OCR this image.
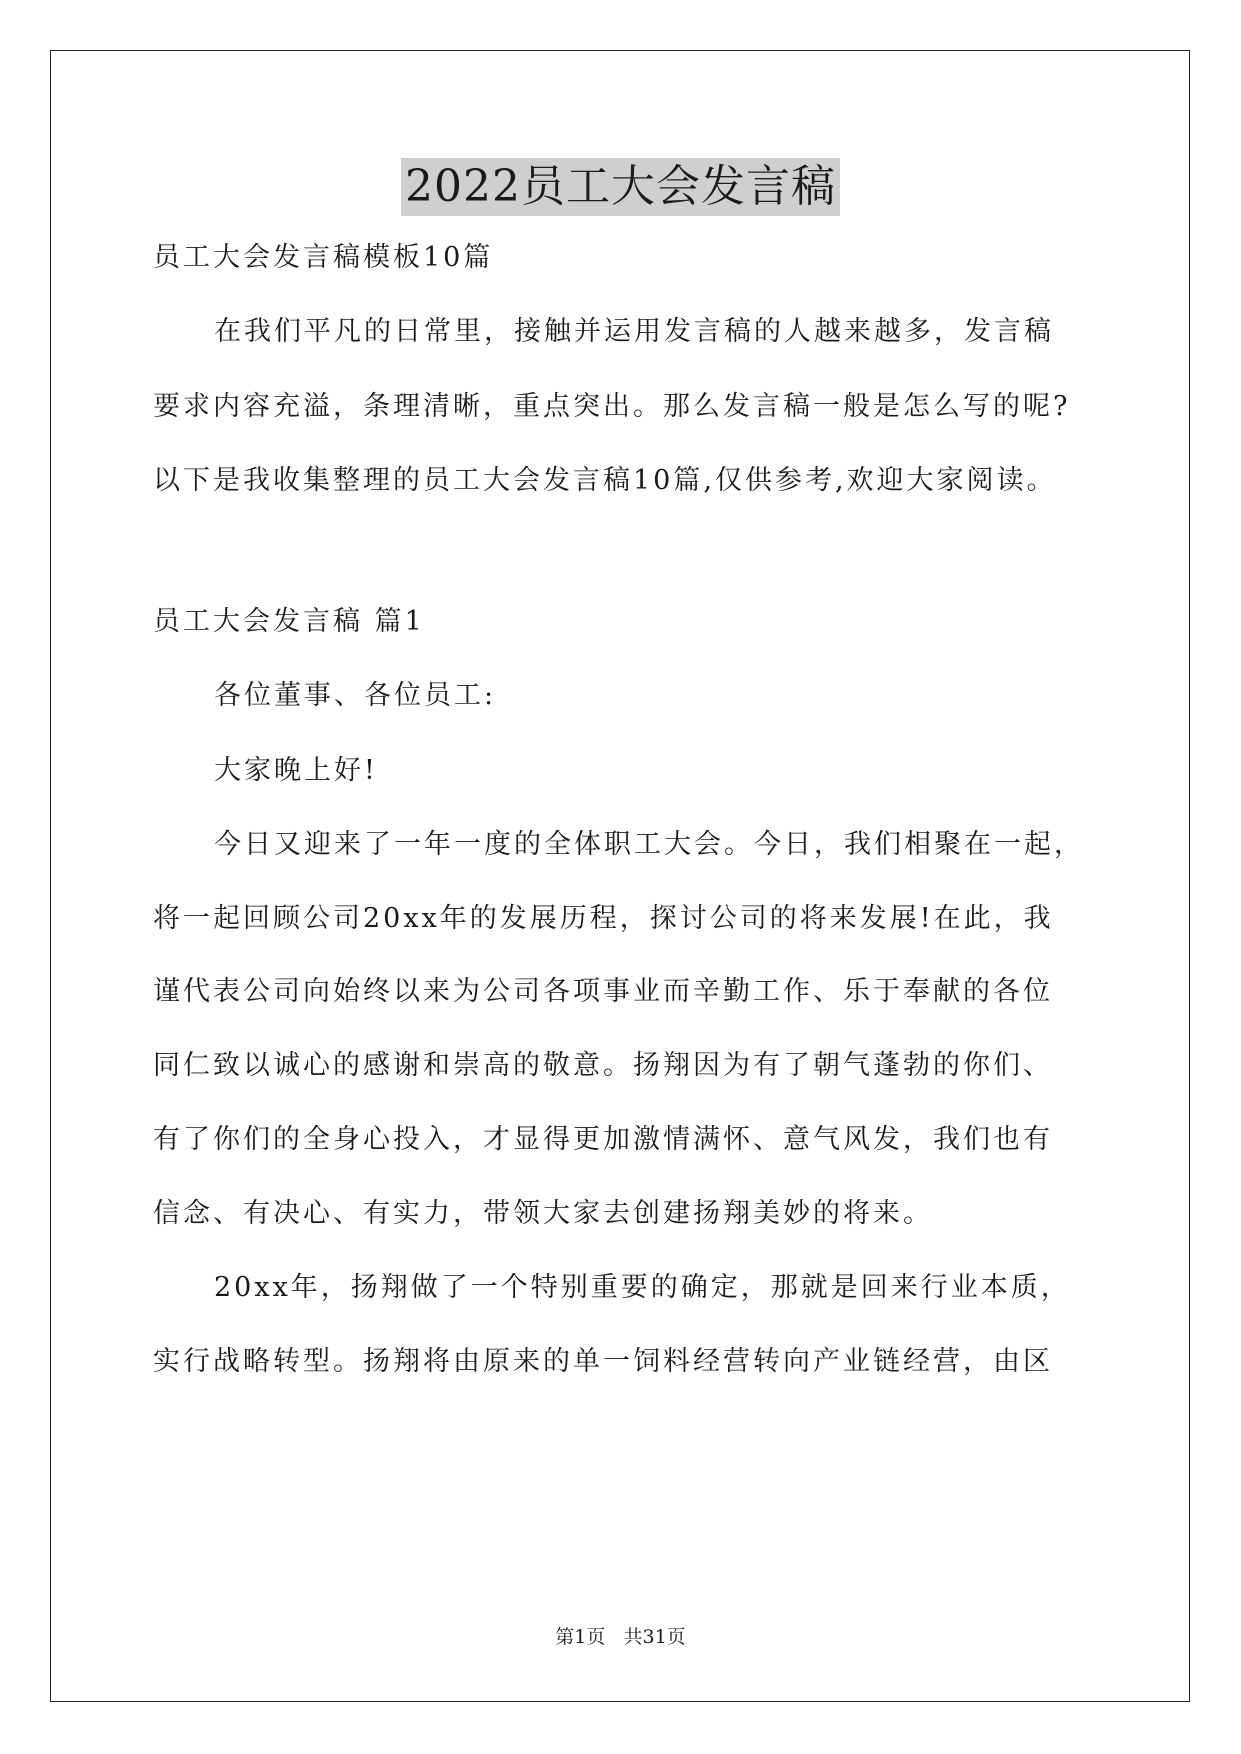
2022员工大会发言稿
员工大会发言稿模板10篇
在我们平凡的日常里，接触并运用发言稿的人越来越多，发言稿
要求内容充溢，条理清晰，重点突出。那么发言稿一般是怎么写的呢?
以下是我收集整理的员工大会发言稿10篇,仅供参考,欢迎大家阅读。
员工大会发言稿 篇1
各位董事、各位员工:
大家晚上好!
今日又迎来了一年一度的全体职工大会。今日，我们相聚在一起，
将一起回顾公司20xx年的发展历程，探讨公司的将来发展!在此，我
谨代表公司向始终以来为公司各项事业而辛勤工作、乐于奉献的各位
同仁致以诚心的感谢和崇高的敬意。扬翔因为有了朝气蓬勃的你们、
有了你们的全身心投入，才显得更加激情满怀、意气风发，我们也有
信念、有决心、有实力，带领大家去创建扬翔美妙的将来。
20xx年，扬翔做了一个特别重要的确定，那就是回来行业本质，
实行战略转型。扬翔将由原来的单一饲料经营转向产业链经营，由区
第1页   共31页
